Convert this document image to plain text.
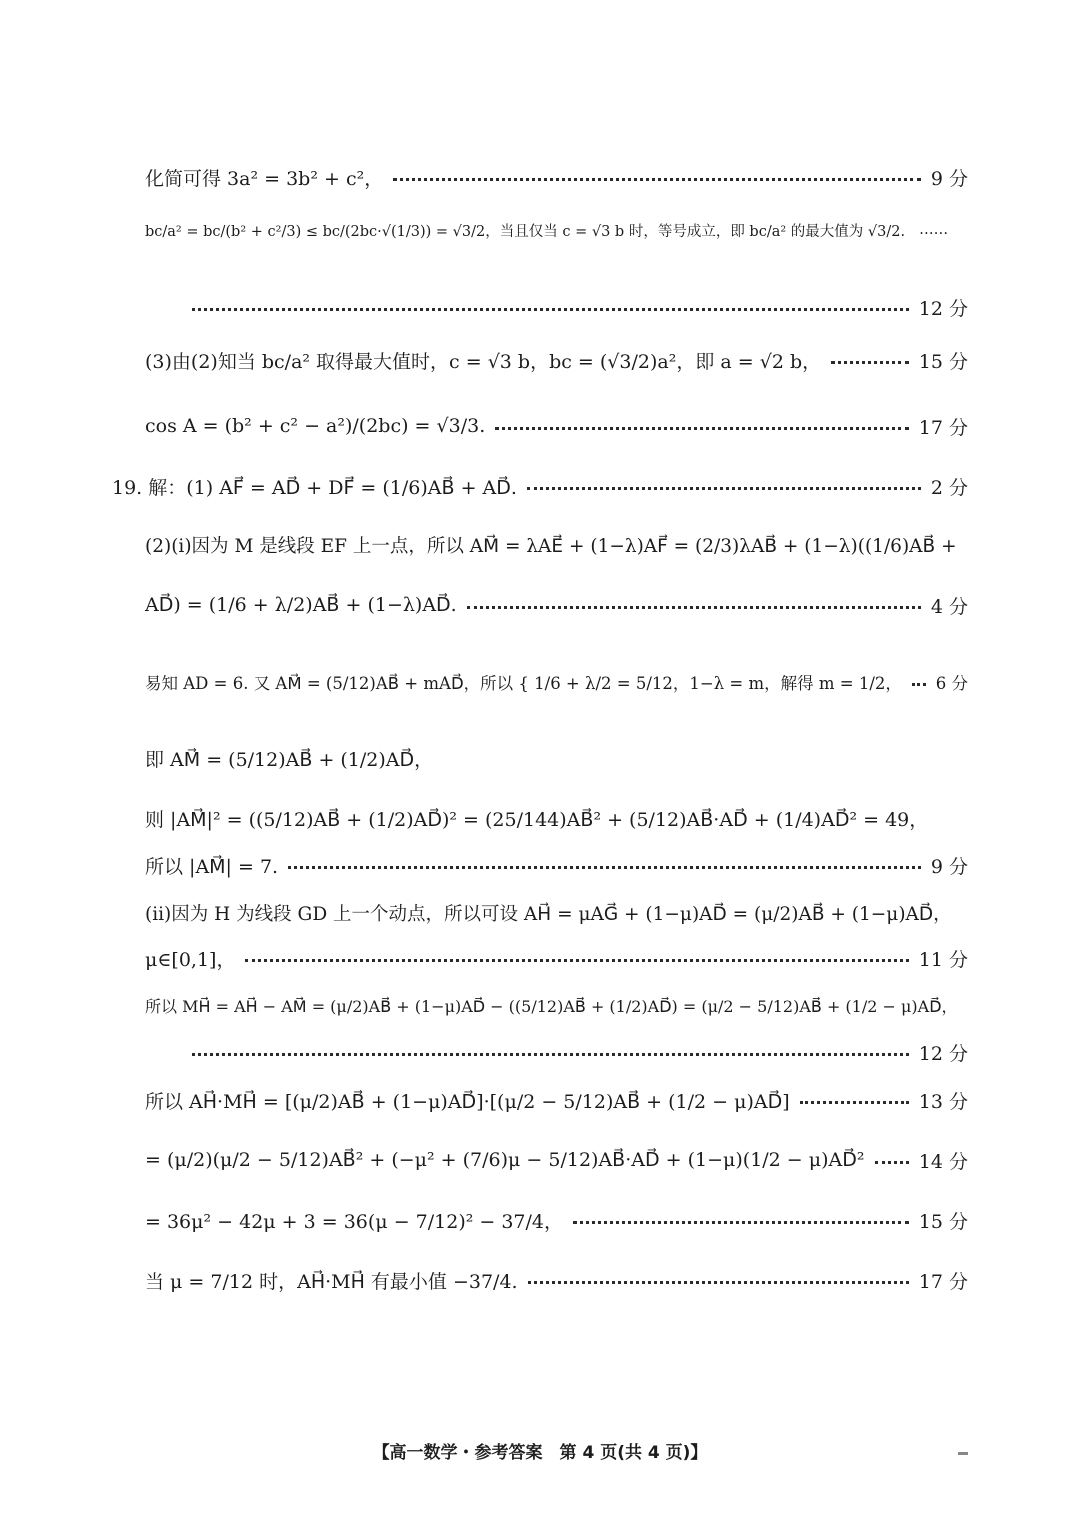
化简可得 3a² = 3b² + c²，	9 分
bc/a² = bc/(b² + c²/3) ≤ bc/(2bc·√(1/3)) = √3/2，当且仅当 c = √3 b 时，等号成立，即 bc/a² 的最大值为 √3/2. ……
12 分
(3)由(2)知当 bc/a² 取得最大值时，c = √3 b，bc = (√3/2)a²，即 a = √2 b，	15 分
cos A = (b² + c² − a²)/(2bc) = √3/3.	17 分
19. 解：(1) AF⃗ = AD⃗ + DF⃗ = (1/6)AB⃗ + AD⃗.	2 分
(2)(ⅰ)因为 M 是线段 EF 上一点，所以 AM⃗ = λAE⃗ + (1−λ)AF⃗ = (2/3)λAB⃗ + (1−λ)((1/6)AB⃗ +
AD⃗) = (1/6 + λ/2)AB⃗ + (1−λ)AD⃗.	4 分
易知 AD = 6. 又 AM⃗ = (5/12)AB⃗ + mAD⃗，所以 { 1/6 + λ/2 = 5/12，1−λ = m，解得 m = 1/2， 6 分
即 AM⃗ = (5/12)AB⃗ + (1/2)AD⃗，
则 |AM⃗|² = ((5/12)AB⃗ + (1/2)AD⃗)² = (25/144)AB⃗² + (5/12)AB⃗·AD⃗ + (1/4)AD⃗² = 49，
所以 |AM⃗| = 7.	9 分
(ⅱ)因为 H 为线段 GD 上一个动点，所以可设 AH⃗ = μAG⃗ + (1−μ)AD⃗ = (μ/2)AB⃗ + (1−μ)AD⃗，
μ∈[0,1]，	11 分
所以 MH⃗ = AH⃗ − AM⃗ = (μ/2)AB⃗ + (1−μ)AD⃗ − ((5/12)AB⃗ + (1/2)AD⃗) = (μ/2 − 5/12)AB⃗ + (1/2 − μ)AD⃗，
12 分
所以 AH⃗·MH⃗ = [(μ/2)AB⃗ + (1−μ)AD⃗]·[(μ/2 − 5/12)AB⃗ + (1/2 − μ)AD⃗]	13 分
= (μ/2)(μ/2 − 5/12)AB⃗² + (−μ² + (7/6)μ − 5/12)AB⃗·AD⃗ + (1−μ)(1/2 − μ)AD⃗²	14 分
= 36μ² − 42μ + 3 = 36(μ − 7/12)² − 37/4，	15 分
当 μ = 7/12 时，AH⃗·MH⃗ 有最小值 −37/4.	17 分
【高一数学・参考答案　第 4 页(共 4 页)】
